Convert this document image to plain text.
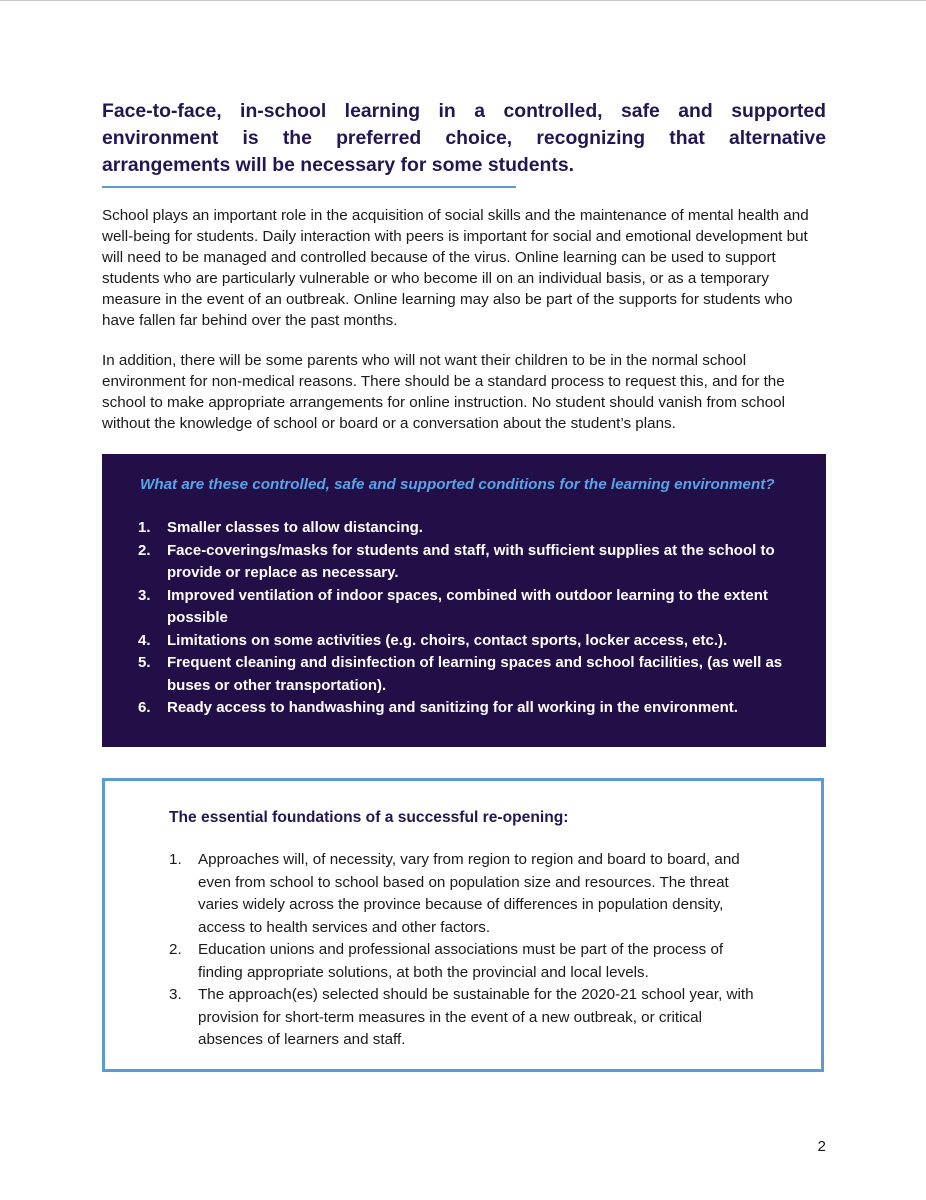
Face-to-face, in-school learning in a controlled, safe and supported environment is the preferred choice, recognizing that alternative arrangements will be necessary for some students.

School plays an important role in the acquisition of social skills and the maintenance of mental health and well-being for students. Daily interaction with peers is important for social and emotional development but will need to be managed and controlled because of the virus. Online learning can be used to support students who are particularly vulnerable or who become ill on an individual basis, or as a temporary measure in the event of an outbreak. Online learning may also be part of the supports for students who have fallen far behind over the past months.

In addition, there will be some parents who will not want their children to be in the normal school environment for non-medical reasons. There should be a standard process to request this, and for the school to make appropriate arrangements for online instruction. No student should vanish from school without the knowledge of school or board or a conversation about the student’s plans.

What are these controlled, safe and supported conditions for the learning environment?

1. Smaller classes to allow distancing.
2. Face-coverings/masks for students and staff, with sufficient supplies at the school to provide or replace as necessary.
3. Improved ventilation of indoor spaces, combined with outdoor learning to the extent possible
4. Limitations on some activities (e.g. choirs, contact sports, locker access, etc.).
5. Frequent cleaning and disinfection of learning spaces and school facilities, (as well as buses or other transportation).
6. Ready access to handwashing and sanitizing for all working in the environment.
The essential foundations of a successful re-opening:
1. Approaches will, of necessity, vary from region to region and board to board, and even from school to school based on population size and resources. The threat varies widely across the province because of differences in population density, access to health services and other factors.
2. Education unions and professional associations must be part of the process of finding appropriate solutions, at both the provincial and local levels.
3. The approach(es) selected should be sustainable for the 2020-21 school year, with provision for short-term measures in the event of a new outbreak, or critical absences of learners and staff.

2
